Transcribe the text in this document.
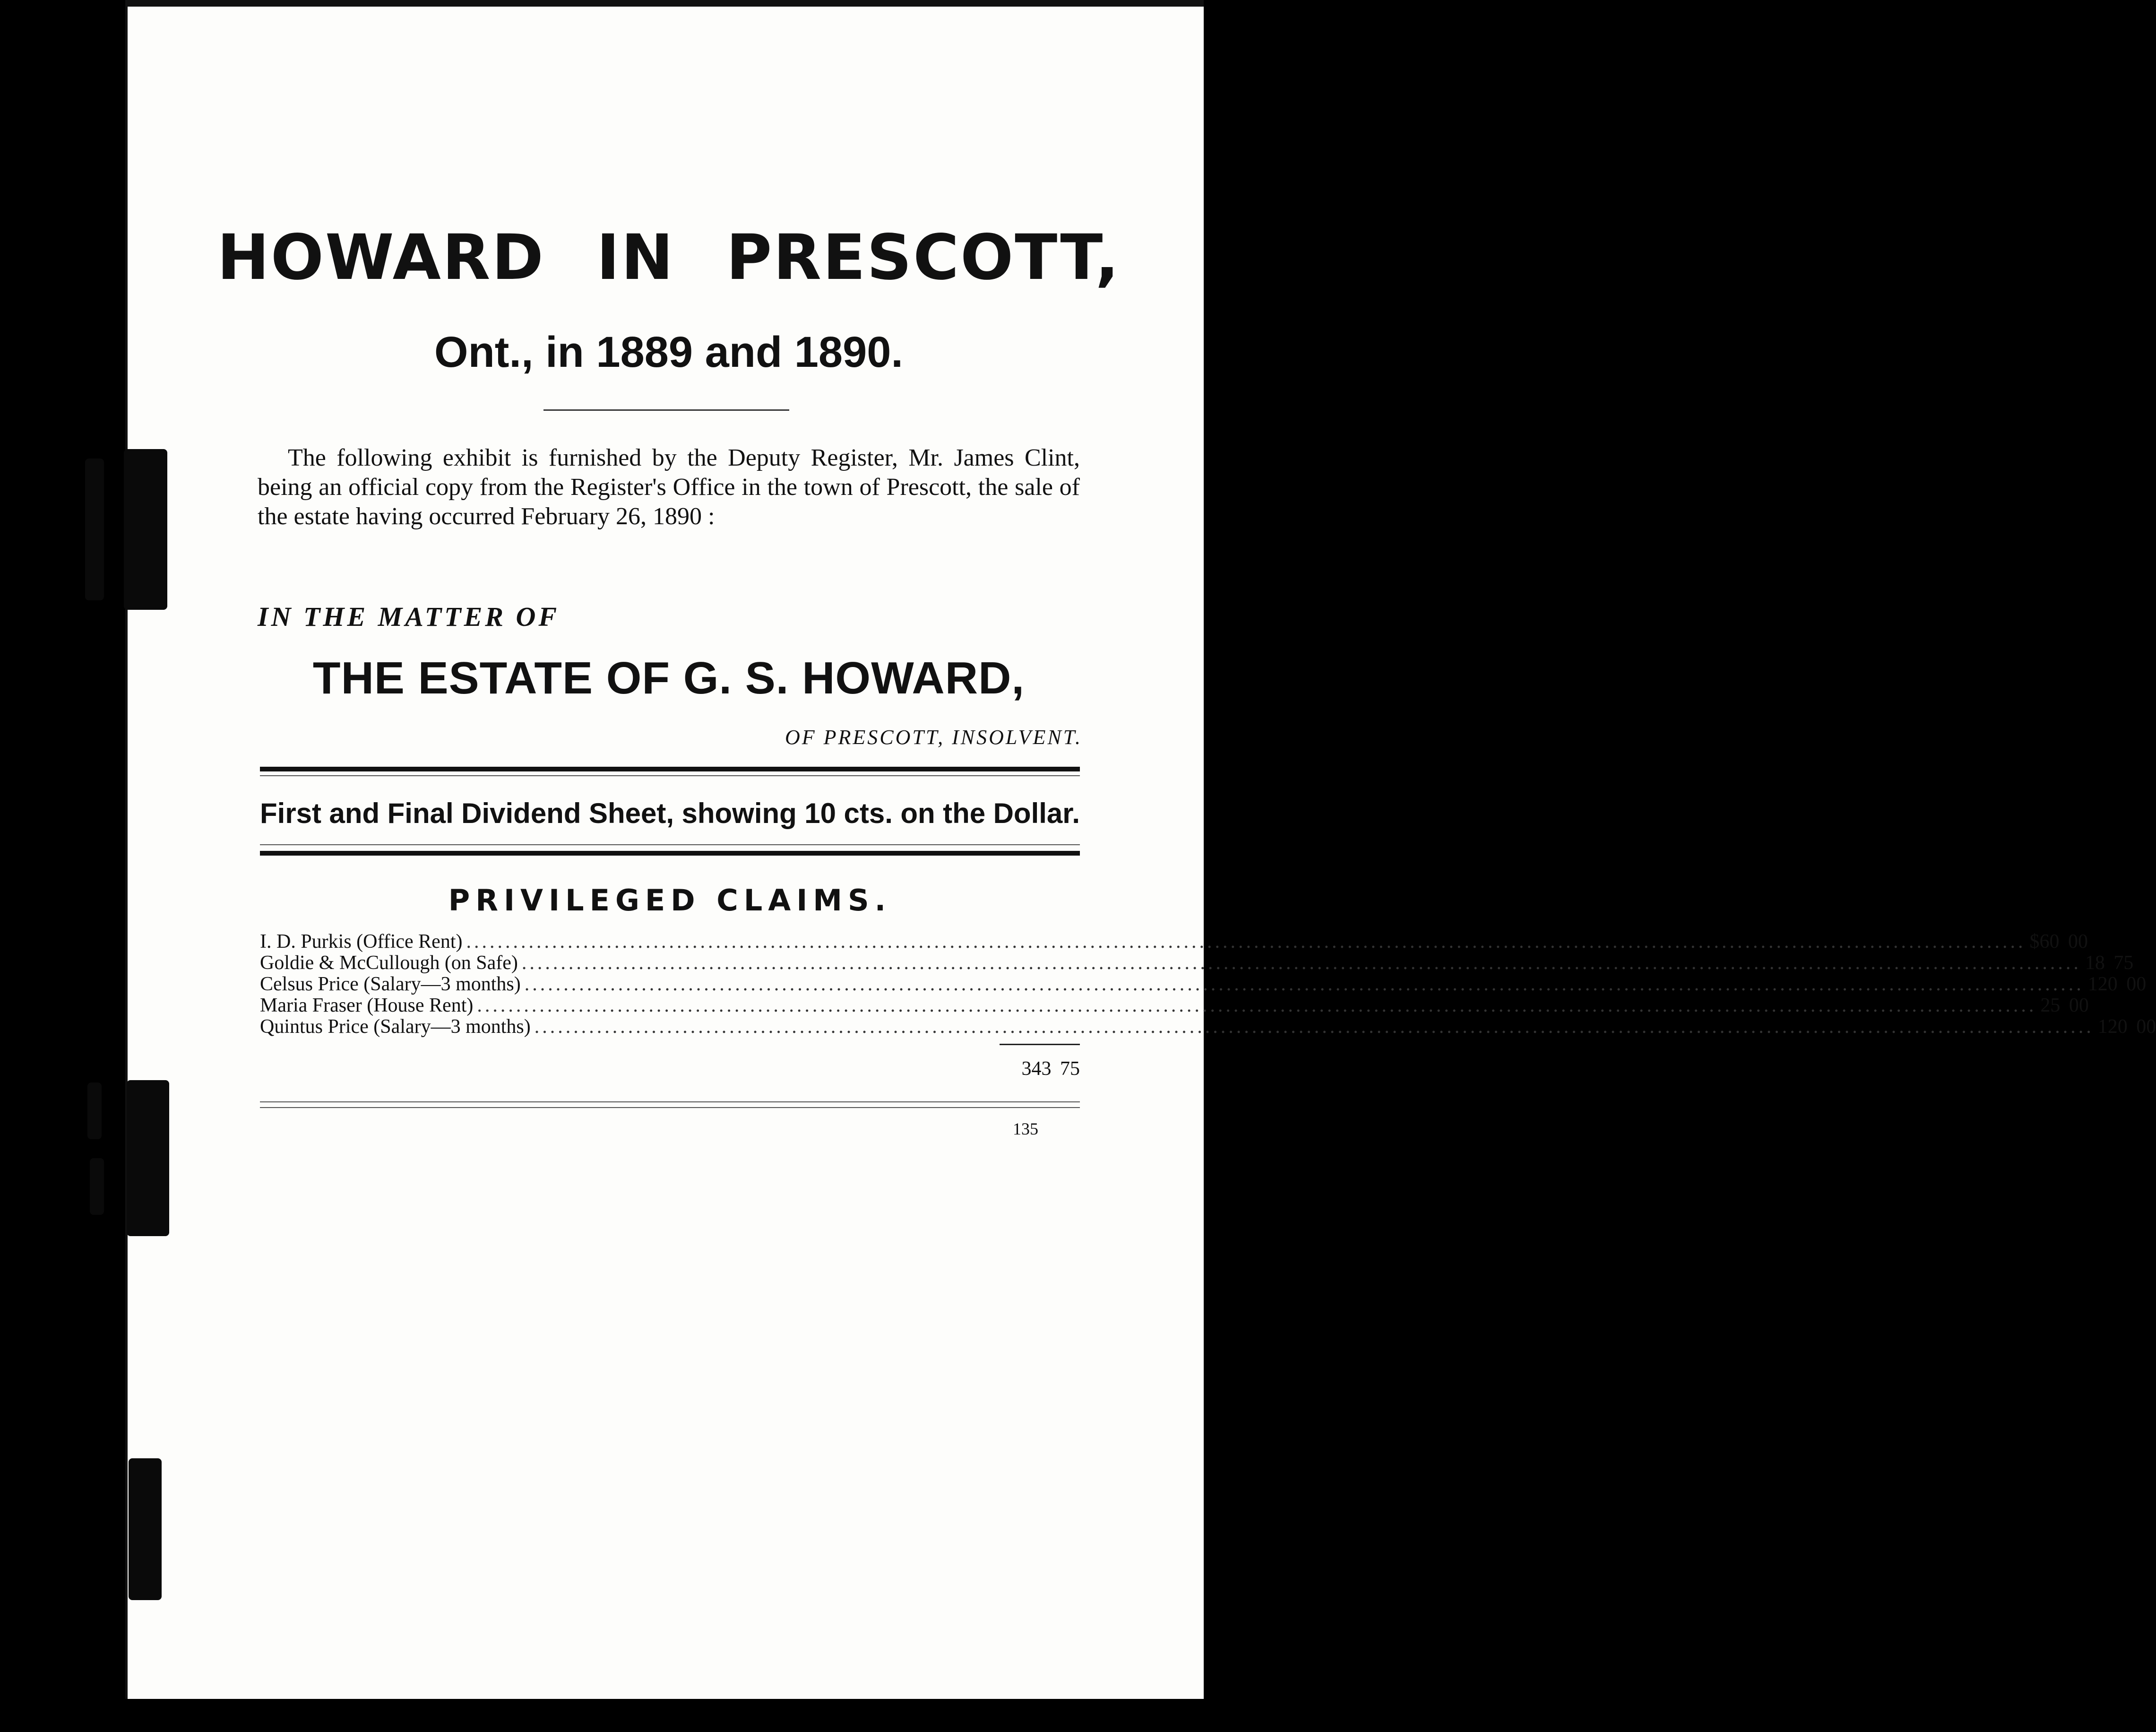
HOWARD IN PRESCOTT,
Ont., in 1889 and 1890.
The following exhibit is furnished by the Deputy Register, Mr. James Clint, being an official copy from the Register's Office in the town of Prescott, the sale of the estate having occurred February 26, 1890 :
IN THE MATTER OF
THE ESTATE OF G. S. HOWARD,
OF PRESCOTT, INSOLVENT.
First and Final Dividend Sheet, showing 10 cts. on the Dollar.
PRIVILEGED CLAIMS.
I. D. Purkis (Office Rent) ........................................................................................................................................................................................................ $60 00
Goldie & McCullough (on Safe) ........................................................................................................................................................................................................ 18 75
Celsus Price (Salary—3 months) ........................................................................................................................................................................................................ 120 00
Maria Fraser (House Rent) ........................................................................................................................................................................................................ 25 00
Quintus Price (Salary—3 months) ........................................................................................................................................................................................................ 120 00
343 75
135
